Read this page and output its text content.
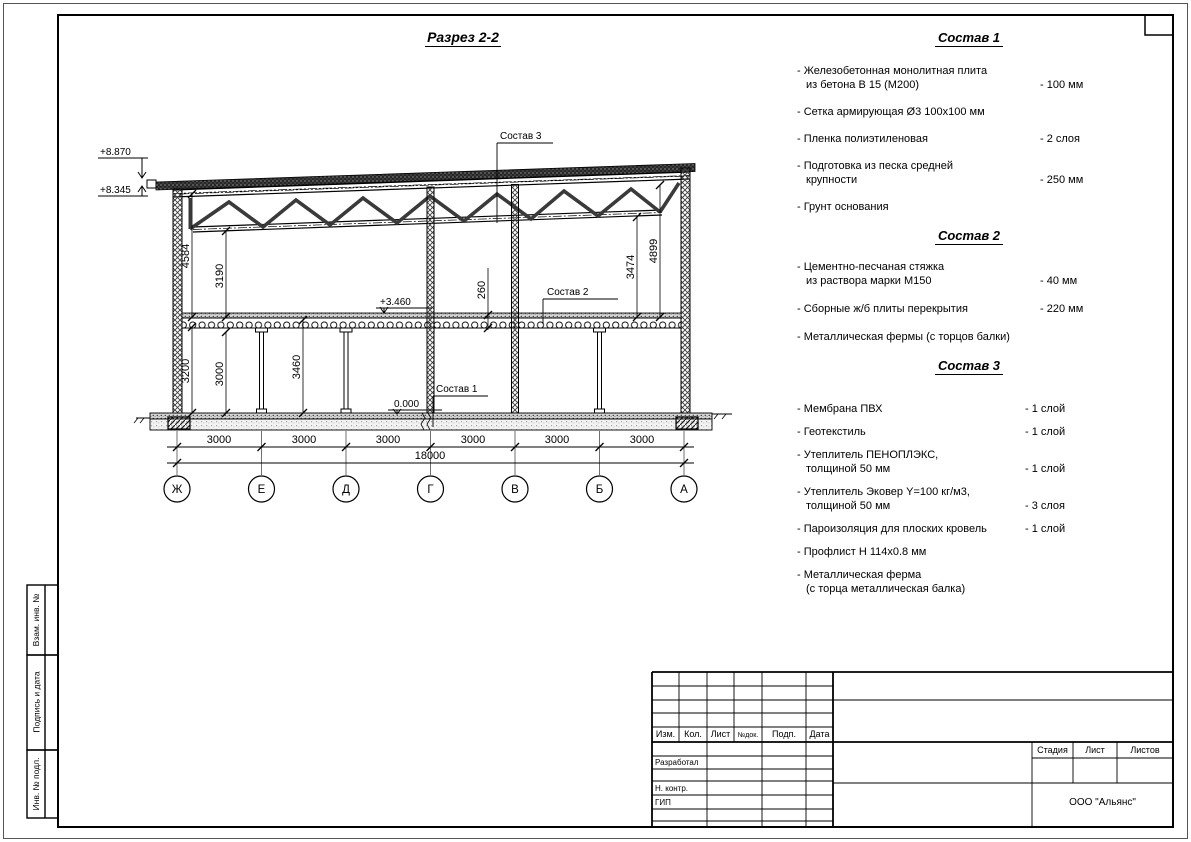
4584
3190
3200 3000	3460
3474
4899
260
+8.870
+8.345
+3.460
0.000
Состав 3
Состав 2
Состав 1
3000	3000	3000	3000	3000	3000
18000
Ж	Е	Д	Г	В	Б	А
Разрез 2-2	Состав 1
- Железобетонная монолитная плита
из бетона В 15 (М200)	- 100 мм
- Сетка армирующая Ø3 100х100 мм
- Пленка полиэтиленовая	- 2 слоя
- Подготовка из песка средней
крупности	- 250 мм
- Грунт основания
Состав 2
- Цементно-песчаная стяжка
из раствора марки М150	- 40 мм
- Сборные ж/б плиты перекрытия	- 220 мм
- Металлическая фермы (с торцов балки)
Состав 3
- Мембрана ПВХ	- 1 слой
- Геотекстиль	- 1 слой
- Утеплитель ПЕНОПЛЭКС,
толщиной 50 мм	- 1 слой
- Утеплитель Эковер Y=100 кг/м3,
толщиной 50 мм	- 3 слоя
- Пароизоляция для плоских кровель	- 1 слой
- Профлист Н 114х0.8 мм
- Металлическая ферма
(с торца металлическая балка)
Взам. инв. №
Подпись и дата
Инв. № подл.
Изм. Кол. Лист	№док.	Подп.	Дата
Разработал
Н. контр.
ГИП
Стадия	Лист	Листов
ООО "Альянс"
